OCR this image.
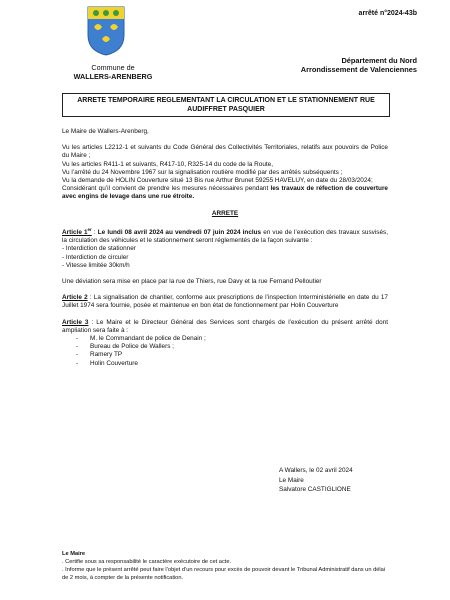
arrêté n°2024-43b
Commune de
WALLERS-ARENBERG
Département du Nord
Arrondissement de Valenciennes
ARRETE TEMPORAIRE REGLEMENTANT LA CIRCULATION ET LE STATIONNEMENT RUE
AUDIFFRET PASQUIER

Le Maire de Wallers-Arenberg,

Vu les articles L2212-1 et suivants du Code Général des Collectivités Territoriales, relatifs aux pouvoirs de Police du Maire ;

Vu les articles R411-1 et suivants, R417-10, R325-14 du code de la Route,

Vu l’arrêté du 24 Novembre 1967 sur la signalisation routière modifié par des arrêtés subséquents ;

Vu la demande de HOLIN Couverture situé 13 Bis rue Arthur Brunet 59255 HAVELUY, en date du 28/03/2024;

Considérant qu’il convient de prendre les mesures nécessaires pendant les travaux de réfection de couverture avec engins de levage dans une rue étroite.

ARRETE

Article 1er : Le lundi 08 avril 2024 au vendredi 07 juin 2024 inclus en vue de l’exécution des travaux susvisés, la circulation des véhicules et le stationnement seront réglementés de la façon suivante :

- Interdiction de stationner

- Interdiction de circuler

- Vitesse limitée 30km/h

Une déviation sera mise en place par la rue de Thiers, rue Davy et la rue Fernand Pelloutier

Article 2 : La signalisation de chantier, conforme aux prescriptions de l’inspection Interministérielle en date du 17 Juillet 1974 sera fournie, posée et maintenue en bon état de fonctionnement par Holin Couverture

Article 3 : Le Maire et le Directeur Général des Services sont chargés de l’exécution du présent arrêté dont ampliation sera faite à :

- M. le Commandant de police de Denain ;
- Bureau de Police de Wallers ;
- Ramery TP
- Holin Couverture
A Wallers, le 02 avril 2024
Le Maire
Salvatore CASTIGLIONE
Le Maire
. Certifie sous sa responsabilité le caractère exécutoire de cet acte.
. Informe que le présent arrêté peut faire l’objet d’un recours pour excès de pouvoir devant le Tribunal Administratif dans un délai de 2 mois, à compter de la présente notification.
